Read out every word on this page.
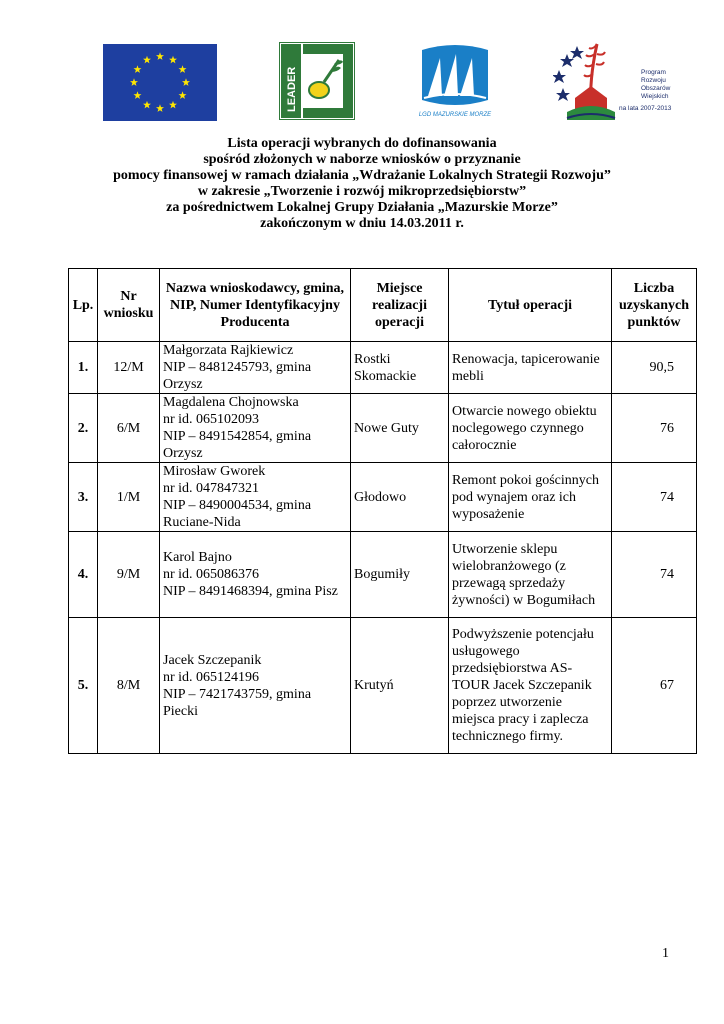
LEADER
LGD MAZURSKIE MORZE
Program Rozwoju Obszarów Wiejskich na lata 2007-2013
Lista operacji wybranych do dofinansowania
spośród złożonych w naborze wniosków o przyznanie
pomocy finansowej w ramach działania „Wdrażanie Lokalnych Strategii Rozwoju”
w zakresie „Tworzenie i rozwój mikroprzedsiębiorstw”
za pośrednictwem Lokalnej Grupy Działania „Mazurskie Morze”
zakończonym w dniu 14.03.2011 r.
Lp.	Nr wniosku	Nazwa wnioskodawcy, gmina, NIP, Numer Identyfikacyjny Producenta	Miejsce realizacji operacji	Tytuł operacji	Liczba uzyskanych punktów
1.	12/M	Małgorzata Rajkiewicz
NIP – 8481245793, gmina Orzysz	Rostki Skomackie	Renowacja, tapicerowanie mebli	90,5
2.	6/M	Magdalena Chojnowska
nr id. 065102093
NIP – 8491542854, gmina Orzysz	Nowe Guty	Otwarcie nowego obiektu noclegowego czynnego całorocznie	76
3.	1/M	Mirosław Gworek
nr id. 047847321
NIP – 8490004534, gmina Ruciane-Nida	Głodowo	Remont pokoi gościnnych pod wynajem oraz ich wyposażenie	74
4.	9/M	Karol Bajno
nr id. 065086376
NIP – 8491468394, gmina Pisz	Bogumiły	Utworzenie sklepu wielobranżowego (z przewagą sprzedaży żywności) w Bogumiłach	74
5.	8/M	Jacek Szczepanik
nr id. 065124196
NIP – 7421743759, gmina Piecki	Krutyń	Podwyższenie potencjału usługowego przedsiębiorstwa AS-TOUR Jacek Szczepanik poprzez utworzenie miejsca pracy i zaplecza technicznego firmy.	67
1
